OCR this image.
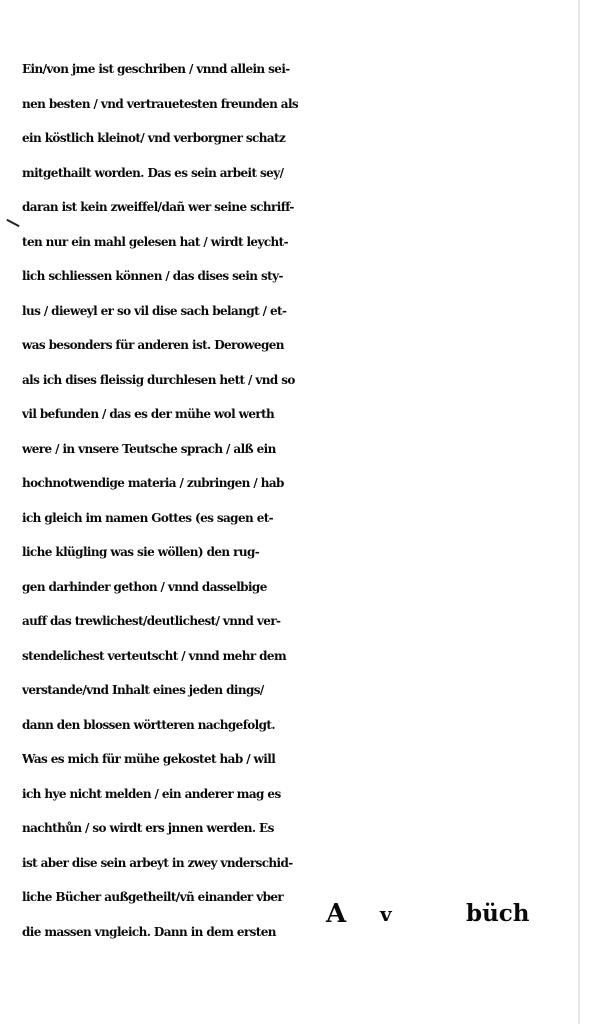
Ein/von jme ist geschriben / vnnd allein sei-
nen besten / vnd vertrauetesten freunden als
ein köstlich kleinot/ vnd verborgner schatz
mitgethailt worden. Das es sein arbeit sey/
daran ist kein zweiffel/dañ wer seine schriff-
ten nur ein mahl gelesen hat / wirdt leycht-
lich schliessen können / das dises sein sty-
lus / dieweyl er so vil dise sach belangt / et-
was besonders für anderen ist. Derowegen
als ich dises fleissig durchlesen hett / vnd so
vil befunden / das es der mühe wol werth
were / in vnsere Teutsche sprach / alß ein
hochnotwendige materia / zubringen / hab
ich gleich im namen Gottes (es sagen et-
liche klügling was sie wöllen) den rug-
gen darhinder gethon / vnnd dasselbige
auff das trewlichest/deutlichest/ vnnd ver-
stendelichest verteutscht / vnnd mehr dem
verstande/vnd Inhalt eines jeden dings/
dann den blossen wörtteren nachgefolgt.
Was es mich für mühe gekostet hab / will
ich hye nicht melden / ein anderer mag es
nachthůn / so wirdt ers jnnen werden. Es
ist aber dise sein arbeyt in zwey vnderschid-
liche Bücher außgetheilt/vñ einander vber
die massen vngleich. Dann in dem ersten
A v	büch
